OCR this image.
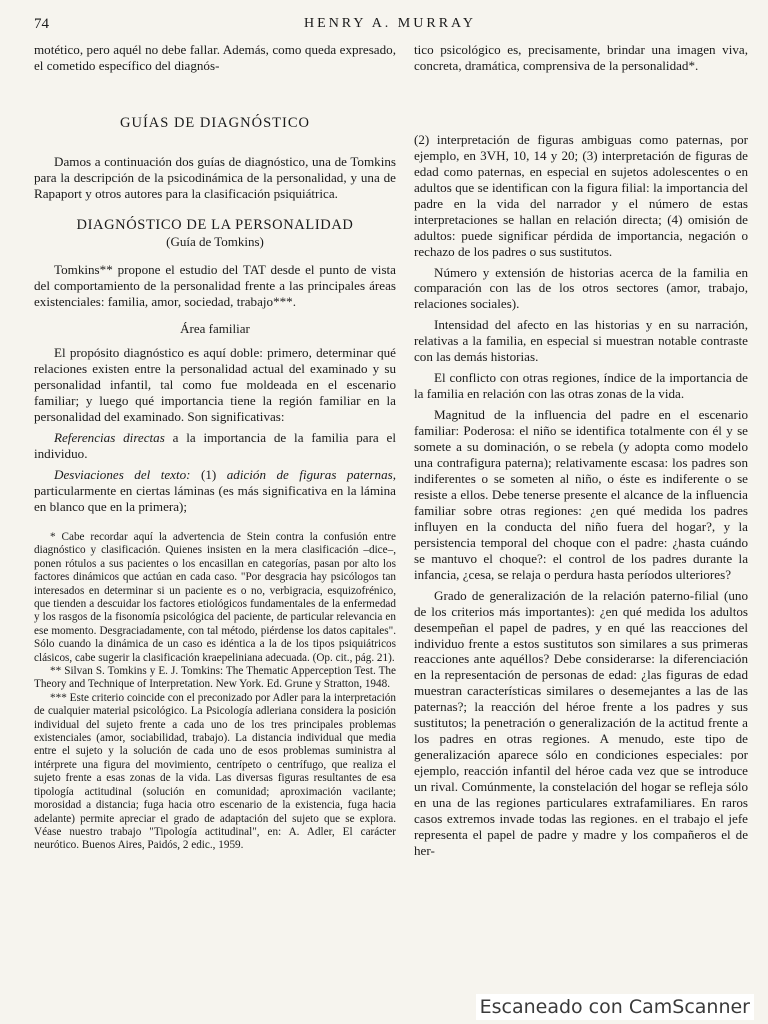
74	HENRY A. MURRAY

motético, pero aquél no debe fallar. Además, como queda expresado, el cometido específico del diagnós-

GUÍAS DE DIAGNÓSTICO

Damos a continuación dos guías de diagnóstico, una de Tomkins para la descripción de la psicodinámica de la personalidad, y una de Rapaport y otros autores para la clasificación psiquiátrica.

DIAGNÓSTICO DE LA PERSONALIDAD
(Guía de Tomkins)

Tomkins** propone el estudio del TAT desde el punto de vista del comportamiento de la personalidad frente a las principales áreas existenciales: familia, amor, sociedad, trabajo***.

Área familiar

El propósito diagnóstico es aquí doble: primero, determinar qué relaciones existen entre la personalidad actual del examinado y su personalidad infantil, tal como fue moldeada en el escenario familiar; y luego qué importancia tiene la región familiar en la personalidad del examinado. Son significativas:

Referencias directas a la importancia de la familia para el individuo.

Desviaciones del texto: (1) adición de figuras paternas, particularmente en ciertas láminas (es más significativa en la lámina en blanco que en la primera);

* Cabe recordar aquí la advertencia de Stein contra la confusión entre diagnóstico y clasificación. Quienes insisten en la mera clasificación –dice–, ponen rótulos a sus pacientes o los encasillan en categorías, pasan por alto los factores dinámicos que actúan en cada caso. "Por desgracia hay psicólogos tan interesados en determinar si un paciente es o no, verbigracia, esquizofrénico, que tienden a descuidar los factores etiológicos fundamentales de la enfermedad y los rasgos de la fisonomía psicológica del paciente, de particular relevancia en ese momento. Desgraciadamente, con tal método, piérdense los datos capitales". Sólo cuando la dinámica de un caso es idéntica a la de los tipos psiquiátricos clásicos, cabe sugerir la clasificación kraepeliniana adecuada. (Op. cit., pág. 21).

** Silvan S. Tomkins y E. J. Tomkins: The Thematic Apperception Test. The Theory and Technique of Interpretation. New York. Ed. Grune y Stratton, 1948.

*** Este criterio coincide con el preconizado por Adler para la interpretación de cualquier material psicológico. La Psicología adleriana considera la posición individual del sujeto frente a cada uno de los tres principales problemas existenciales (amor, sociabilidad, trabajo). La distancia individual que media entre el sujeto y la solución de cada uno de esos problemas suministra al intérprete una figura del movimiento, centrípeto o centrífugo, que realiza el sujeto frente a esas zonas de la vida. Las diversas figuras resultantes de esa tipología actitudinal (solución en comunidad; aproximación vacilante; morosidad a distancia; fuga hacia otro escenario de la existencia, fuga hacia adelante) permite apreciar el grado de adaptación del sujeto que se explora. Véase nuestro trabajo "Tipología actitudinal", en: A. Adler, El carácter neurótico. Buenos Aires, Paidós, 2 edic., 1959.

tico psicológico es, precisamente, brindar una imagen viva, concreta, dramática, comprensiva de la personalidad*.

(2) interpretación de figuras ambiguas como paternas, por ejemplo, en 3VH, 10, 14 y 20; (3) interpretación de figuras de edad como paternas, en especial en sujetos adolescentes o en adultos que se identifican con la figura filial: la importancia del padre en la vida del narrador y el número de estas interpretaciones se hallan en relación directa; (4) omisión de adultos: puede significar pérdida de importancia, negación o rechazo de los padres o sus sustitutos.

Número y extensión de historias acerca de la familia en comparación con las de los otros sectores (amor, trabajo, relaciones sociales).

Intensidad del afecto en las historias y en su narración, relativas a la familia, en especial si muestran notable contraste con las demás historias.

El conflicto con otras regiones, índice de la importancia de la familia en relación con las otras zonas de la vida.

Magnitud de la influencia del padre en el escenario familiar: Poderosa: el niño se identifica totalmente con él y se somete a su dominación, o se rebela (y adopta como modelo una contrafigura paterna); relativamente escasa: los padres son indiferentes o se someten al niño, o éste es indiferente o se resiste a ellos. Debe tenerse presente el alcance de la influencia familiar sobre otras regiones: ¿en qué medida los padres influyen en la conducta del niño fuera del hogar?, y la persistencia temporal del choque con el padre: ¿hasta cuándo se mantuvo el choque?: el control de los padres durante la infancia, ¿cesa, se relaja o perdura hasta períodos ulteriores?

Grado de generalización de la relación paterno-filial (uno de los criterios más importantes): ¿en qué medida los adultos desempeñan el papel de padres, y en qué las reacciones del individuo frente a estos sustitutos son similares a sus primeras reacciones ante aquéllos? Debe considerarse: la diferenciación en la representación de personas de edad: ¿las figuras de edad muestran características similares o desemejantes a las de las paternas?; la reacción del héroe frente a los padres y sus sustitutos; la penetración o generalización de la actitud frente a los padres en otras regiones. A menudo, este tipo de generalización aparece sólo en condiciones especiales: por ejemplo, reacción infantil del héroe cada vez que se introduce un rival. Comúnmente, la constelación del hogar se refleja sólo en una de las regiones particulares extrafamiliares. En raros casos extremos invade todas las regiones. en el trabajo el jefe representa el papel de padre y madre y los compañeros el de her-

Escaneado con CamScanner
